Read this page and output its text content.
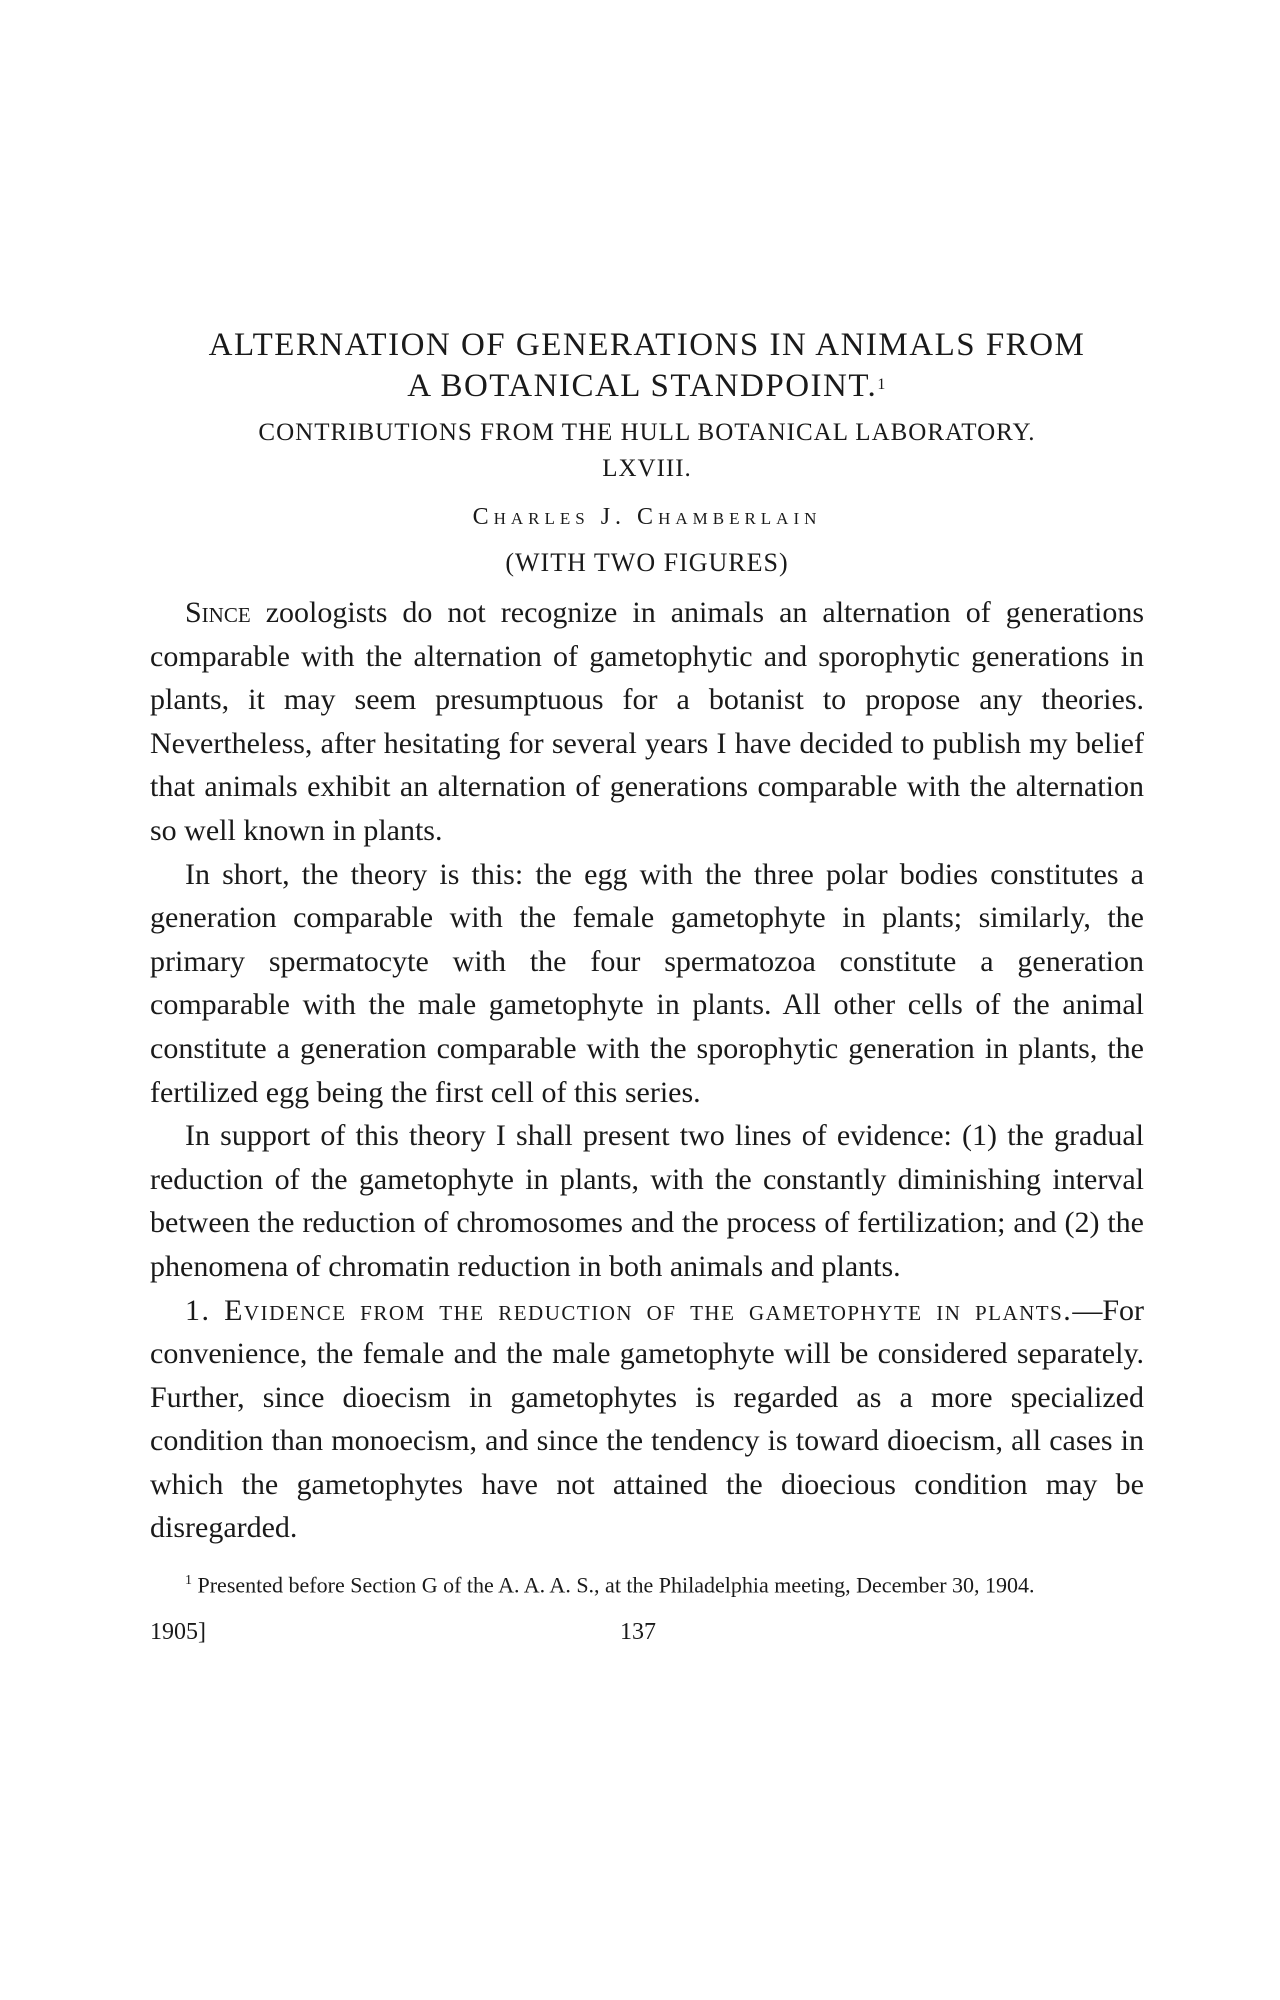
ALTERNATION OF GENERATIONS IN ANIMALS FROM
A BOTANICAL STANDPOINT.$^1$
CONTRIBUTIONS FROM THE HULL BOTANICAL LABORATORY.
LXVIII.
Charles J. Chamberlain
(WITH TWO FIGURES)

Since zoologists do not recognize in animals an alternation of generations comparable with the alternation of gametophytic and sporophytic generations in plants, it may seem presumptuous for a botanist to propose any theories. Nevertheless, after hesitating for several years I have decided to publish my belief that animals exhibit an alternation of generations comparable with the alternation so well known in plants.

In short, the theory is this: the egg with the three polar bodies constitutes a generation comparable with the female gametophyte in plants; similarly, the primary spermatocyte with the four spermatozoa constitute a generation comparable with the male gametophyte in plants. All other cells of the animal constitute a generation comparable with the sporophytic generation in plants, the fertilized egg being the first cell of this series.

In support of this theory I shall present two lines of evidence: (1) the gradual reduction of the gametophyte in plants, with the constantly diminishing interval between the reduction of chromosomes and the process of fertilization; and (2) the phenomena of chromatin reduction in both animals and plants.

1. Evidence from the reduction of the gametophyte in plants.—For convenience, the female and the male gametophyte will be considered separately. Further, since dioecism in gametophytes is regarded as a more specialized condition than monoecism, and since the tendency is toward dioecism, all cases in which the gametophytes have not attained the dioecious condition may be disregarded.

$^1$ Presented before Section G of the A. A. A. S., at the Philadelphia meeting, December 30, 1904.
1905]	137
